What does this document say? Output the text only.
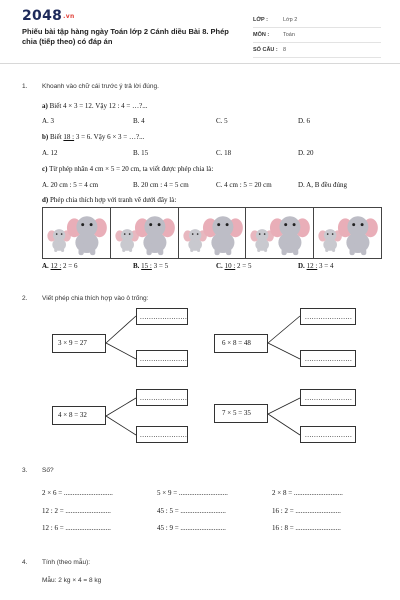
2048.vn
Phiếu bài tập hàng ngày Toán lớp 2 Cánh diều Bài 8. Phép chia (tiếp theo) có đáp án
LỚP :	Lớp 2
MÔN :	Toán
SỐ CÂU : 8
1. Khoanh vào chữ cái trước ý trả lời đúng.
a) Biết 4 × 3 = 12. Vậy 12 : 4 = …?...
A. 3	B. 4	C. 5	D. 6
b) Biết 18 : 3 = 6. Vậy 6 × 3 = …?...
A. 12	B. 15	C. 18	D. 20
c) Từ phép nhân 4 cm × 5 = 20 cm, ta viết được phép chia là:
A. 20 cm : 5 = 4 cm	B. 20 cm : 4 = 5 cm	C. 4 cm : 5 = 20 cm	D. A, B đều đúng
d) Phép chia thích hợp với tranh vẽ dưới đây là:
A. 12 : 2 = 6	B. 15 : 3 = 5	C. 10 : 2 = 5	D. 12 : 3 = 4
2. Viết phép chia thích hợp vào ô trống:
3 × 9 = 27
.....................
.....................
6 × 8 = 48
.....................
.....................
4 × 8 = 32
.....................
.....................
7 × 5 = 35
.....................
.....................
3. Số?
2 × 6 = ............................	5 × 9 = ............................	2 × 8 = ............................
12 : 2 = ..........................	45 : 5 = ..........................	16 : 2 = ..........................
12 : 6 = ..........................	45 : 9 = ..........................	16 : 8 = ..........................
4. Tính (theo mẫu):
Mẫu: 2 kg × 4 = 8 kg
